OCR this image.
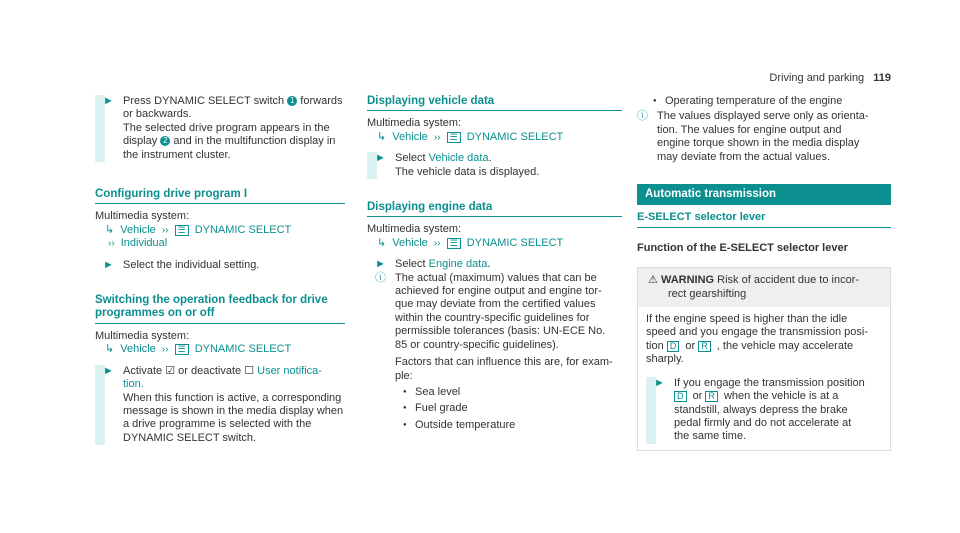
Driving and parking 119
► Press DYNAMIC SELECT switch 1 forwards
or backwards.
The selected drive program appears in the
display 2 and in the multifunction display in
the instrument cluster.
Configuring drive program I
Multimedia system:
↳ Vehicle ›› ☰ DYNAMIC SELECT
›› Individual
► Select the individual setting.
Switching the operation feedback for drive
programmes on or off
Multimedia system:
↳ Vehicle ›› ☰ DYNAMIC SELECT
► Activate ☑ or deactivate ☐ User notifica-
tion.
When this function is active, a corresponding
message is shown in the media display when
a drive programme is selected with the
DYNAMIC SELECT switch.
Displaying vehicle data
Multimedia system:
↳ Vehicle ›› ☰ DYNAMIC SELECT
► Select Vehicle data.
The vehicle data is displayed.
Displaying engine data
Multimedia system:
↳ Vehicle ›› ☰ DYNAMIC SELECT
► Select Engine data.
ⓘ The actual (maximum) values that can be
achieved for engine output and engine tor-
que may deviate from the certified values
within the country-specific guidelines for
permissible tolerances (basis: UN-ECE No.
85 or country-specific guidelines).
Factors that can influence this are, for exam-
ple:
● Sea level
● Fuel grade
● Outside temperature
● Operating temperature of the engine
ⓘ The values displayed serve only as orienta-
tion. The values for engine output and
engine torque shown in the media display
may deviate from the actual values.
Automatic transmission
E-SELECT selector lever
Function of the E-SELECT selector lever
⚠ WARNING Risk of accident due to incor-
rect gearshifting
If the engine speed is higher than the idle
speed and you engage the transmission posi-
tion D or R , the vehicle may accelerate
sharply.
► If you engage the transmission position
D or R when the vehicle is at a
standstill, always depress the brake
pedal firmly and do not accelerate at
the same time.
